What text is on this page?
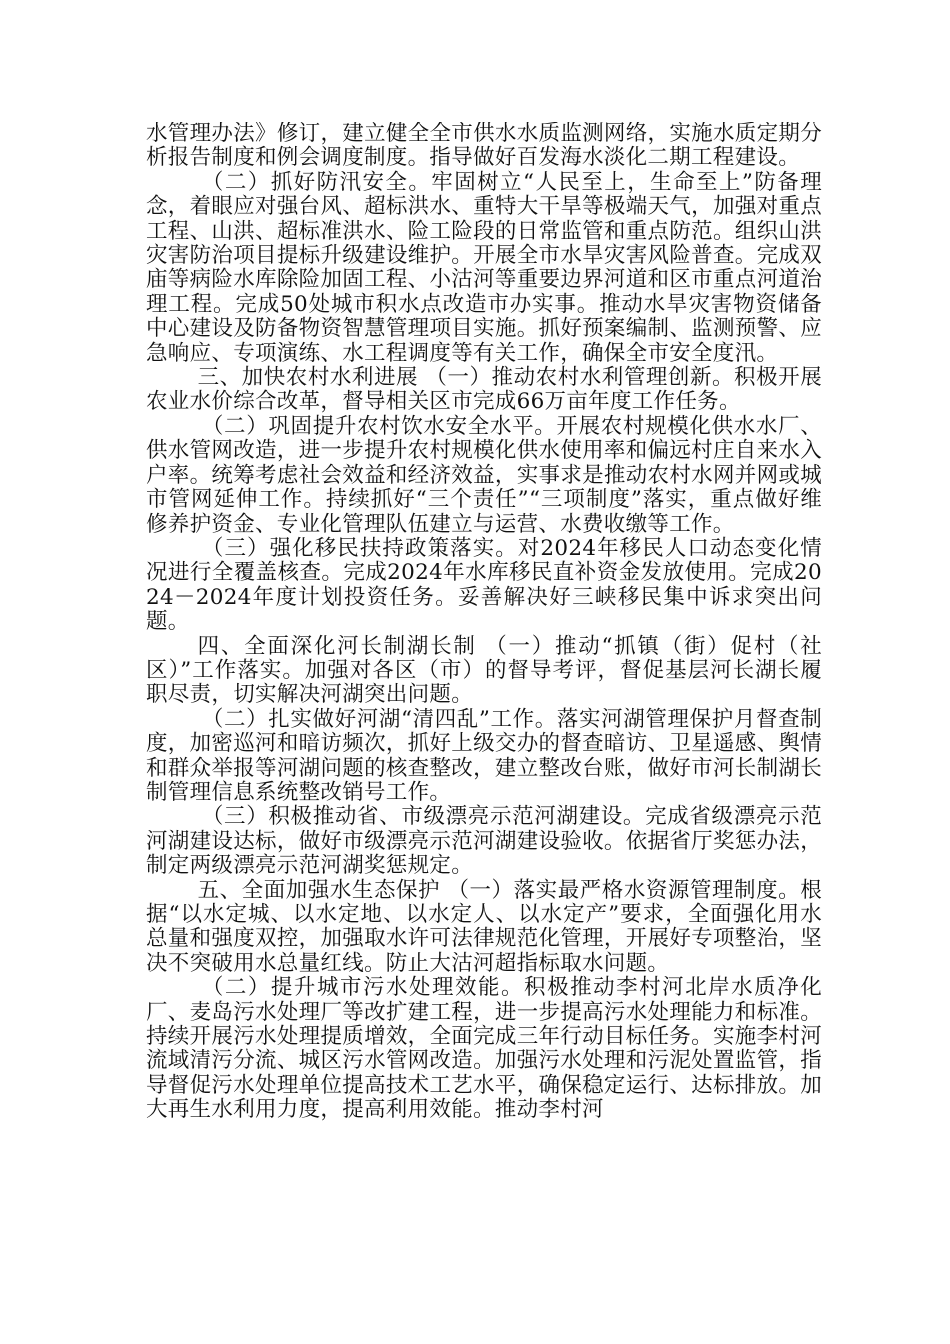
水管理办法》修订，建立健全全市供水水质监测网络，实施水质定期分析报告制度和例会调度制度。指导做好百发海水淡化二期工程建设。

（二）抓好防汛安全。牢固树立“人民至上，生命至上”防备理念，着眼应对强台风、超标洪水、重特大干旱等极端天气，加强对重点工程、山洪、超标准洪水、险工险段的日常监管和重点防范。组织山洪灾害防治项目提标升级建设维护。开展全市水旱灾害风险普查。完成双庙等病险水库除险加固工程、小沽河等重要边界河道和区市重点河道治理工程。完成50处城市积水点改造市办实事。推动水旱灾害物资储备中心建设及防备物资智慧管理项目实施。抓好预案编制、监测预警、应急响应、专项演练、水工程调度等有关工作，确保全市安全度汛。

三、加快农村水利进展 （一）推动农村水利管理创新。积极开展农业水价综合改革，督导相关区市完成66万亩年度工作任务。

（二）巩固提升农村饮水安全水平。开展农村规模化供水水厂、供水管网改造，进一步提升农村规模化供水使用率和偏远村庄自来水入户率。统筹考虑社会效益和经济效益，实事求是推动农村水网并网或城市管网延伸工作。持续抓好“三个责任”“三项制度”落实，重点做好维修养护资金、专业化管理队伍建立与运营、水费收缴等工作。

（三）强化移民扶持政策落实。对2024年移民人口动态变化情况进行全覆盖核查。完成2024年水库移民直补资金发放使用。完成2024－2024年度计划投资任务。妥善解决好三峡移民集中诉求突出问题。

四、全面深化河长制湖长制 （一）推动“抓镇（街）促村（社区）”工作落实。加强对各区（市）的督导考评，督促基层河长湖长履职尽责，切实解决河湖突出问题。

（二）扎实做好河湖“清四乱”工作。落实河湖管理保护月督查制度，加密巡河和暗访频次，抓好上级交办的督查暗访、卫星遥感、舆情和群众举报等河湖问题的核查整改，建立整改台账，做好市河长制湖长制管理信息系统整改销号工作。

（三）积极推动省、市级漂亮示范河湖建设。完成省级漂亮示范河湖建设达标，做好市级漂亮示范河湖建设验收。依据省厅奖惩办法，制定两级漂亮示范河湖奖惩规定。

五、全面加强水生态保护 （一）落实最严格水资源管理制度。根据“以水定城、以水定地、以水定人、以水定产”要求，全面强化用水总量和强度双控，加强取水许可法律规范化管理，开展好专项整治，坚决不突破用水总量红线。防止大沽河超指标取水问题。

（二）提升城市污水处理效能。积极推动李村河北岸水质净化厂、麦岛污水处理厂等改扩建工程，进一步提高污水处理能力和标准。持续开展污水处理提质增效，全面完成三年行动目标任务。实施李村河流域清污分流、城区污水管网改造。加强污水处理和污泥处置监管，指导督促污水处理单位提高技术工艺水平，确保稳定运行、达标排放。加大再生水利用力度，提高利用效能。推动李村河
